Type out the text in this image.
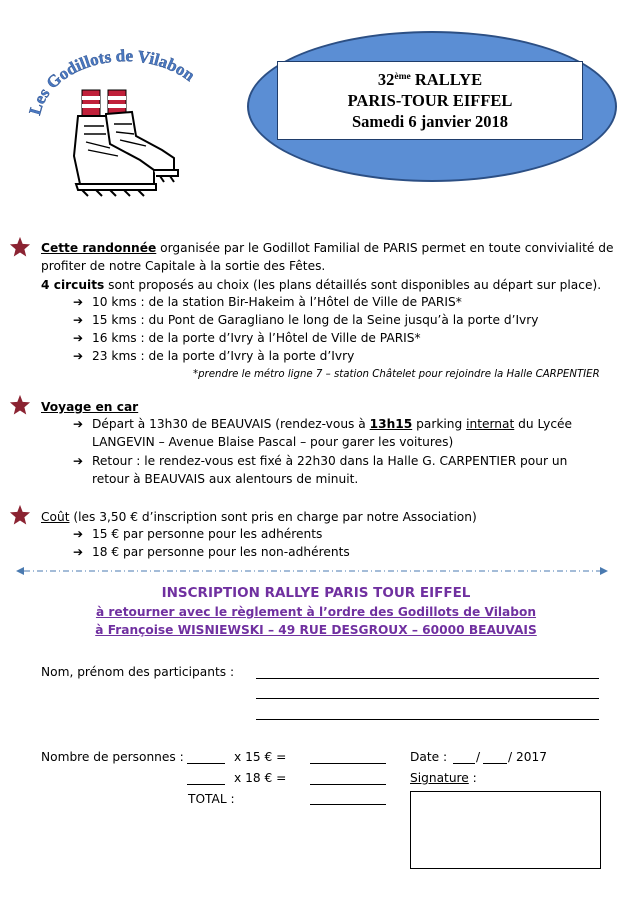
Les Godillots de Vilabon	32ème RALLYE
PARIS-TOUR EIFFEL
Samedi 6 janvier 2018
Cette randonnée organisée par le Godillot Familial de PARIS permet en toute convivialité de
profiter de notre Capitale à la sortie des Fêtes.
4 circuits sont proposés au choix (les plans détaillés sont disponibles au départ sur place).
➔ 10 kms : de la station Bir-Hakeim à l’Hôtel de Ville de PARIS*
➔ 15 kms : du Pont de Garagliano le long de la Seine jusqu’à la porte d’Ivry
➔ 16 kms : de la porte d’Ivry à l’Hôtel de Ville de PARIS*
➔ 23 kms : de la porte d’Ivry à la porte d’Ivry
*prendre le métro ligne 7 – station Châtelet pour rejoindre la Halle CARPENTIER
Voyage en car
➔ Départ à 13h30 de BEAUVAIS (rendez-vous à 13h15 parking internat du Lycée
LANGEVIN – Avenue Blaise Pascal – pour garer les voitures)
➔ Retour : le rendez-vous est fixé à 22h30 dans la Halle G. CARPENTIER pour un
retour à BEAUVAIS aux alentours de minuit.
Coût (les 3,50 € d’inscription sont pris en charge par notre Association)
➔ 15 € par personne pour les adhérents
➔ 18 € par personne pour les non-adhérents
INSCRIPTION RALLYE PARIS TOUR EIFFEL
à retourner avec le règlement à l’ordre des Godillots de Vilabon
à Françoise WISNIEWSKI – 49 RUE DESGROUX – 60000 BEAUVAIS
Nom, prénom des participants :
Nombre de personnes :	x 15 € =
x 18 € =
TOTAL :
Date : / / 2017
Signature :
